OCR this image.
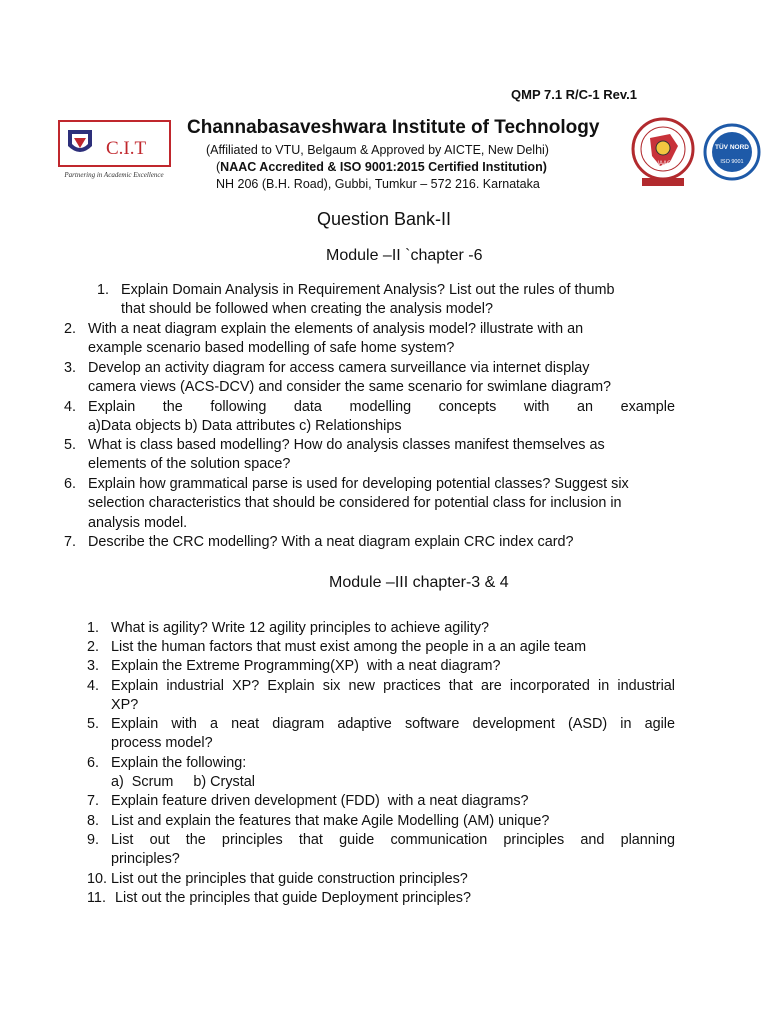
QMP 7.1 R/C-1 Rev.1
C.I.T
Partnering in Academic Excellence
Channabasaveshwara Institute of Technology
(Affiliated to VTU, Belgaum & Approved by AICTE, New Delhi)
(NAAC Accredited & ISO 9001:2015 Certified Institution)
NH 206 (B.H. Road), Gubbi, Tumkur – 572 216. Karnataka
NAAC
TÜV NORD
ISO 9001
Question Bank-II
Module –II `chapter -6
1. Explain Domain Analysis in Requirement Analysis? List out the rules of thumb
that should be followed when creating the analysis model?
2. With a neat diagram explain the elements of analysis model? illustrate with an
example scenario based modelling of safe home system?
3. Develop an activity diagram for access camera surveillance via internet display
camera views (ACS-DCV) and consider the same scenario for swimlane diagram?
4. Explain the following data modelling concepts with an example
a)Data objects b) Data attributes c) Relationships
5. What is class based modelling? How do analysis classes manifest themselves as
elements of the solution space?
6. Explain how grammatical parse is used for developing potential classes? Suggest six
selection characteristics that should be considered for potential class for inclusion in
analysis model.
7. Describe the CRC modelling? With a neat diagram explain CRC index card?
Module –III chapter-3 & 4
1. What is agility? Write 12 agility principles to achieve agility?
2. List the human factors that must exist among the people in a an agile team
3. Explain the Extreme Programming(XP)  with a neat diagram?
4. Explain industrial XP? Explain six new practices that are incorporated in industrial
XP?
5. Explain with a neat diagram adaptive software development (ASD) in agile
process model?
6. Explain the following:
a)  Scrum     b) Crystal
7. Explain feature driven development (FDD)  with a neat diagrams?
8. List and explain the features that make Agile Modelling (AM) unique?
9. List out the principles that guide communication principles and planning
principles?
10. List out the principles that guide construction principles?
11. List out the principles that guide Deployment principles?
